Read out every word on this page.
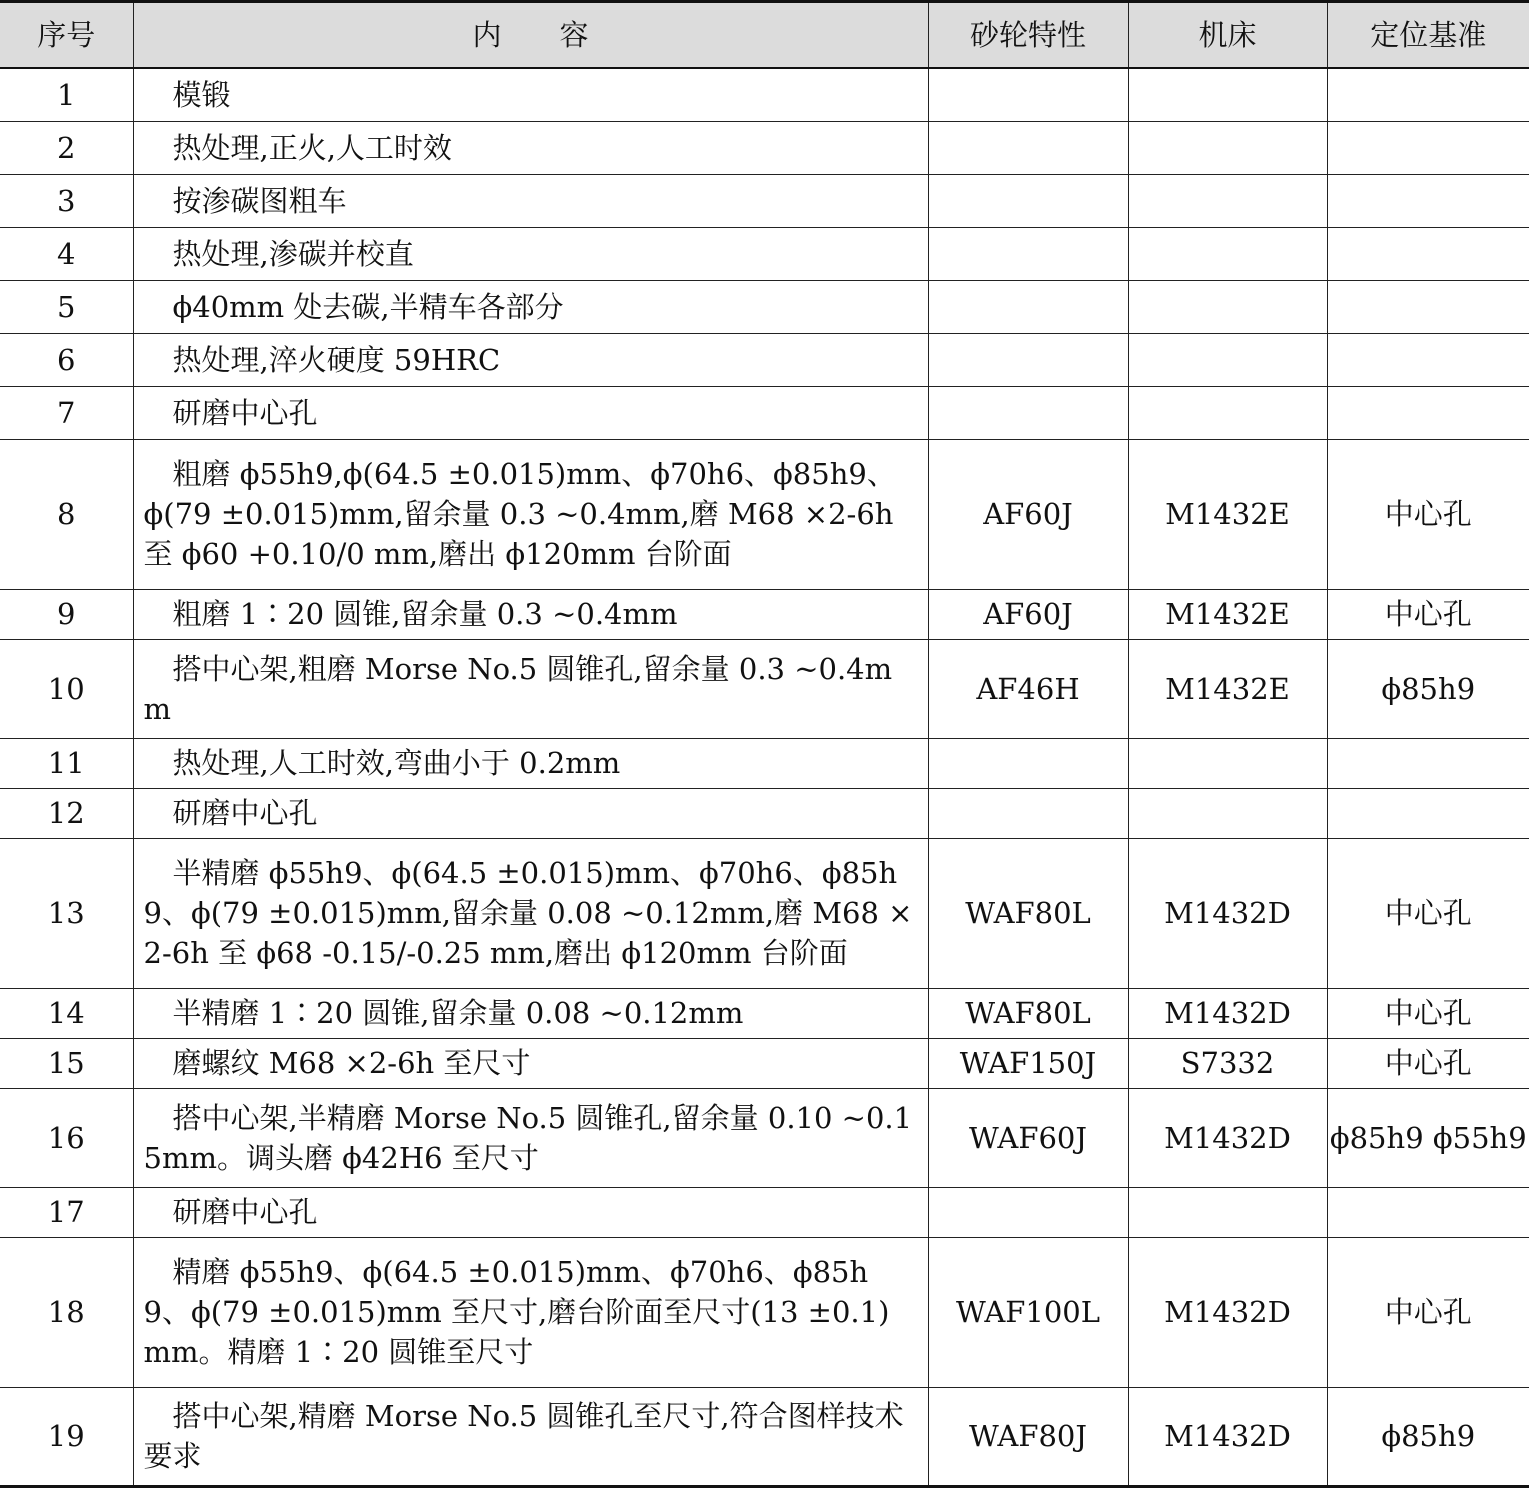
序号	内　　容	砂轮特性	机床	定位基准
1	　模锻			
2	　热处理,正火,人工时效			
3	　按渗碳图粗车			
4	　热处理,渗碳并校直			
5	　ϕ40mm 处去碳,半精车各部分			
6	　热处理,淬火硬度 59HRC			
7	　研磨中心孔			
8	　粗磨 ϕ55h9,ϕ(64.5 ±0.015)mm、ϕ70h6、ϕ85h9、ϕ(79 ±0.015)mm,留余量 0.3 ~0.4mm,磨 M68 ×2-6h 至 ϕ60 +0.10/0 mm,磨出 ϕ120mm 台阶面	AF60J	M1432E	中心孔
9	　粗磨 1∶20 圆锥,留余量 0.3 ~0.4mm	AF60J	M1432E	中心孔
10	　搭中心架,粗磨 Morse No.5 圆锥孔,留余量 0.3 ~0.4mm	AF46H	M1432E	ϕ85h9
11	　热处理,人工时效,弯曲小于 0.2mm			
12	　研磨中心孔			
13	　半精磨 ϕ55h9、ϕ(64.5 ±0.015)mm、ϕ70h6、ϕ85h9、ϕ(79 ±0.015)mm,留余量 0.08 ~0.12mm,磨 M68 ×2-6h 至 ϕ68 -0.15/-0.25 mm,磨出 ϕ120mm 台阶面	WAF80L	M1432D	中心孔
14	　半精磨 1∶20 圆锥,留余量 0.08 ~0.12mm	WAF80L	M1432D	中心孔
15	　磨螺纹 M68 ×2-6h 至尺寸	WAF150J	S7332	中心孔
16	　搭中心架,半精磨 Morse No.5 圆锥孔,留余量 0.10 ~0.15mm。调头磨 ϕ42H6 至尺寸	WAF60J	M1432D	ϕ85h9 ϕ55h9
17	　研磨中心孔			
18	　精磨 ϕ55h9、ϕ(64.5 ±0.015)mm、ϕ70h6、ϕ85h9、ϕ(79 ±0.015)mm 至尺寸,磨台阶面至尺寸(13 ±0.1)mm。精磨 1∶20 圆锥至尺寸	WAF100L	M1432D	中心孔
19	　搭中心架,精磨 Morse No.5 圆锥孔至尺寸,符合图样技术要求	WAF80J	M1432D	ϕ85h9
